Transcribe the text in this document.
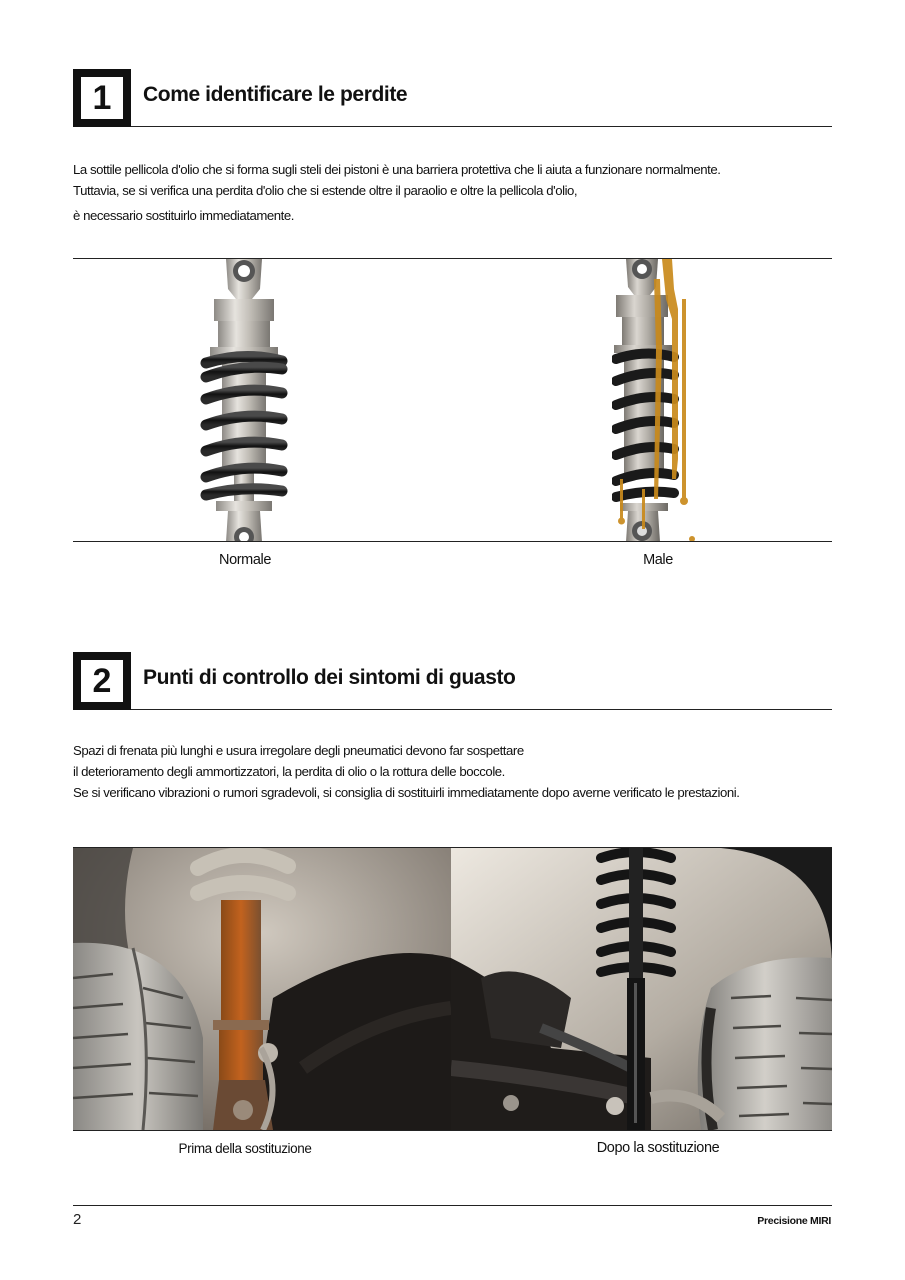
1	Come identificare le perdite
La sottile pellicola d'olio che si forma sugli steli dei pistoni è una barriera protettiva che li aiuta a funzionare normalmente.
Tuttavia, se si verifica una perdita d'olio che si estende oltre il paraolio e oltre la pellicola d'olio,
è necessario sostituirlo immediatamente.
Normale	Male
2	Punti di controllo dei sintomi di guasto
Spazi di frenata più lunghi e usura irregolare degli pneumatici devono far sospettare
il deterioramento degli ammortizzatori, la perdita di olio o la rottura delle boccole.
Se si verificano vibrazioni o rumori sgradevoli, si consiglia di sostituirli immediatamente dopo averne verificato le prestazioni.
Prima della sostituzione	Dopo la sostituzione
2	Precisione MIRI
